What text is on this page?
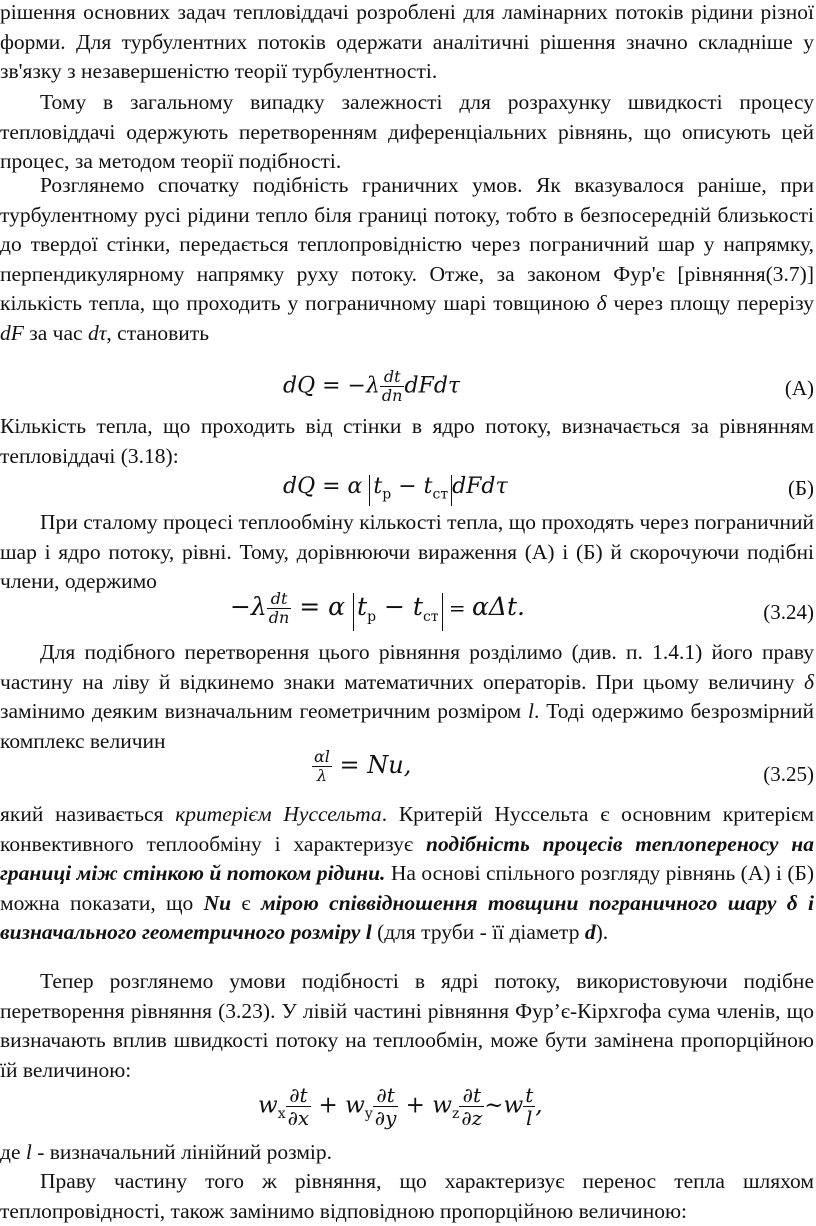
рішення основних задач тепловіддачі розроблені для ламінарних потоків рідини різної форми. Для турбулентних потоків одержати аналітичні рішення значно складніше у зв'язку з незавершеністю теорії турбулентності.

Тому в загальному випадку залежності для розрахунку швидкості процесу тепловіддачі одержують перетворенням диференціальних рівнянь, що описують цей процес, за методом теорії подібності.

Розглянемо спочатку подібність граничних умов. Як вказувалося раніше, при турбулентному русі рідини тепло біля границі потоку, тобто в безпосередній близькості до твердої стінки, передається теплопровідністю через пограничний шар у напрямку, перпендикулярному напрямку руху потоку. Отже, за законом Фур'є [рівняння(3.7)] кількість тепла, що проходить у пограничному шарі товщиною δ через площу перерізу dF за час dτ, становить

dQ = $-\lambda \frac{dt}{dn}$ dFdτ	(А)

Кількість тепла, що проходить від стінки в ядро потоку, визначається за рівнянням тепловіддачі (3.18):

dQ = α $t_р - t_{ст}$ dFdτ	(Б)

При сталому процесі теплообміну кількості тепла, що проходять через пограничний шар і ядро потоку, рівні. Тому, дорівнюючи вираження (А) і (Б) й скорочуючи подібні члени, одержимо

$-\lambda \frac{dt}{dn} = \alpha$ $t_р - t_{ст} = \alpha\Delta t$.	(3.24)

Для подібного перетворення цього рівняння розділимо (див. п. 1.4.1) його праву частину на ліву й відкинемо знаки математичних операторів. При цьому величину δ замінимо деяким визначальним геометричним розміром l. Тоді одержимо безрозмірний комплекс величин

$\frac{\alpha l}{\lambda} = Nu$,	(3.25)

який називається критерієм Нуссельта. Критерій Нуссельта є основним критерієм конвективного теплообміну і характеризує подібність процесів теплопереносу на границі між стінкою й потоком рідини. На основі спільного розгляду рівнянь (А) і (Б) можна показати, що Nu є мірою співвідношення товщини пограничного шару δ і визначального геометричного розміру l (для труби - її діаметр d).

Тепер розглянемо умови подібності в ядрі потоку, використовуючи подібне перетворення рівняння (3.23). У лівій частині рівняння Фур’є-Кірхгофа сума членів, що визначають вплив швидкості потоку на теплообмін, може бути замінена пропорційною їй величиною:

$w_x \frac{\partial t}{\partial x} + w_y \frac{\partial t}{\partial y} + w_z \frac{\partial t}{\partial z}$ ~w $\frac{t}{l}$ ,

де l - визначальний лінійний розмір.

Праву частину того ж рівняння, що характеризує перенос тепла шляхом теплопровідності, також замінимо відповідною пропорційною величиною:
